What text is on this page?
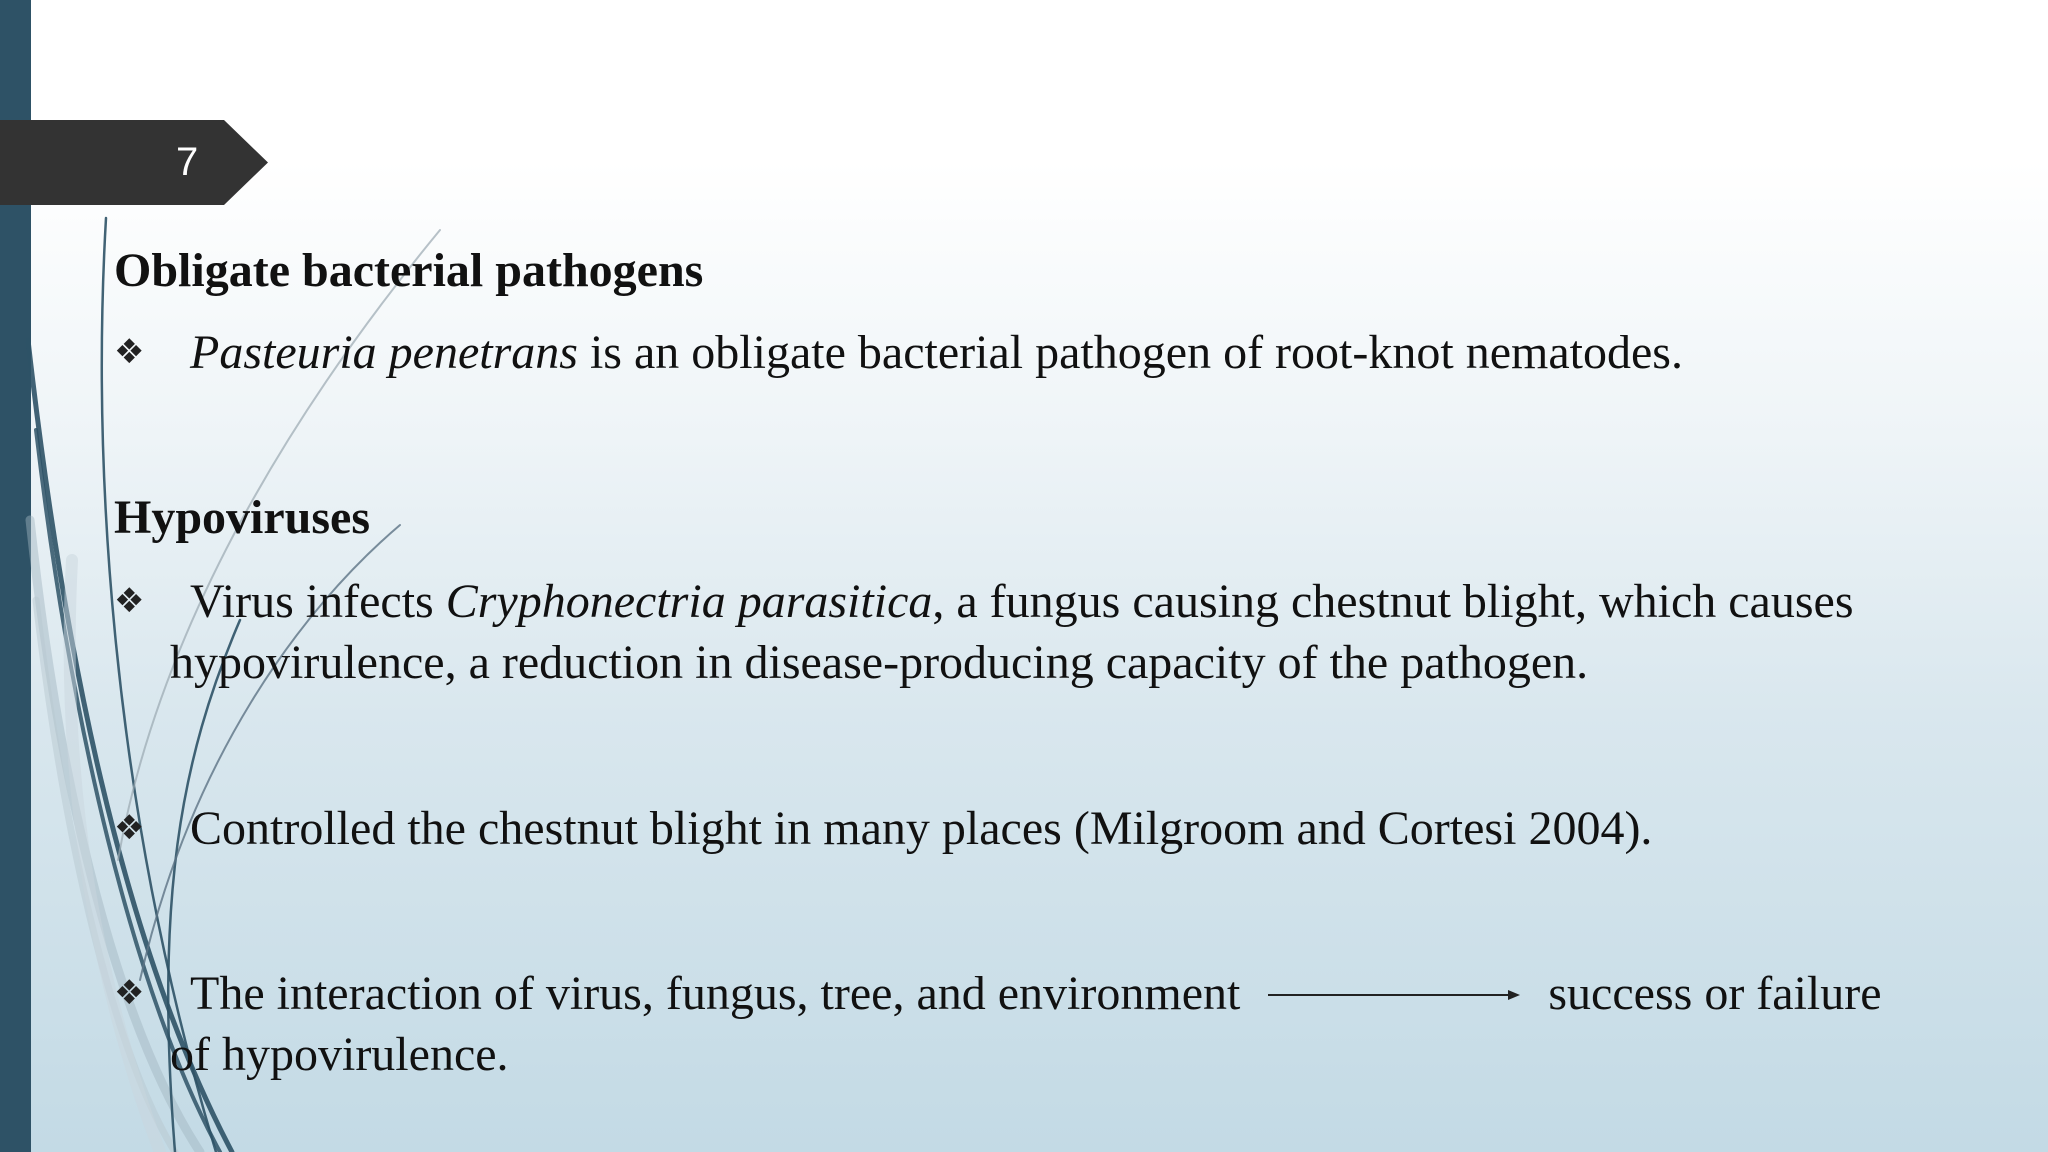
7
Obligate bacterial pathogens
❖ Pasteuria penetrans is an obligate bacterial pathogen of root-knot nematodes.
Hypoviruses
❖ Virus infects Cryphonectria parasitica, a fungus causing chestnut blight, which causes
hypovirulence, a reduction in disease-producing capacity of the pathogen.
❖ Controlled the chestnut blight in many places (Milgroom and Cortesi 2004).
❖ The interaction of virus, fungus, tree, and environment	success or failure
of hypovirulence.
